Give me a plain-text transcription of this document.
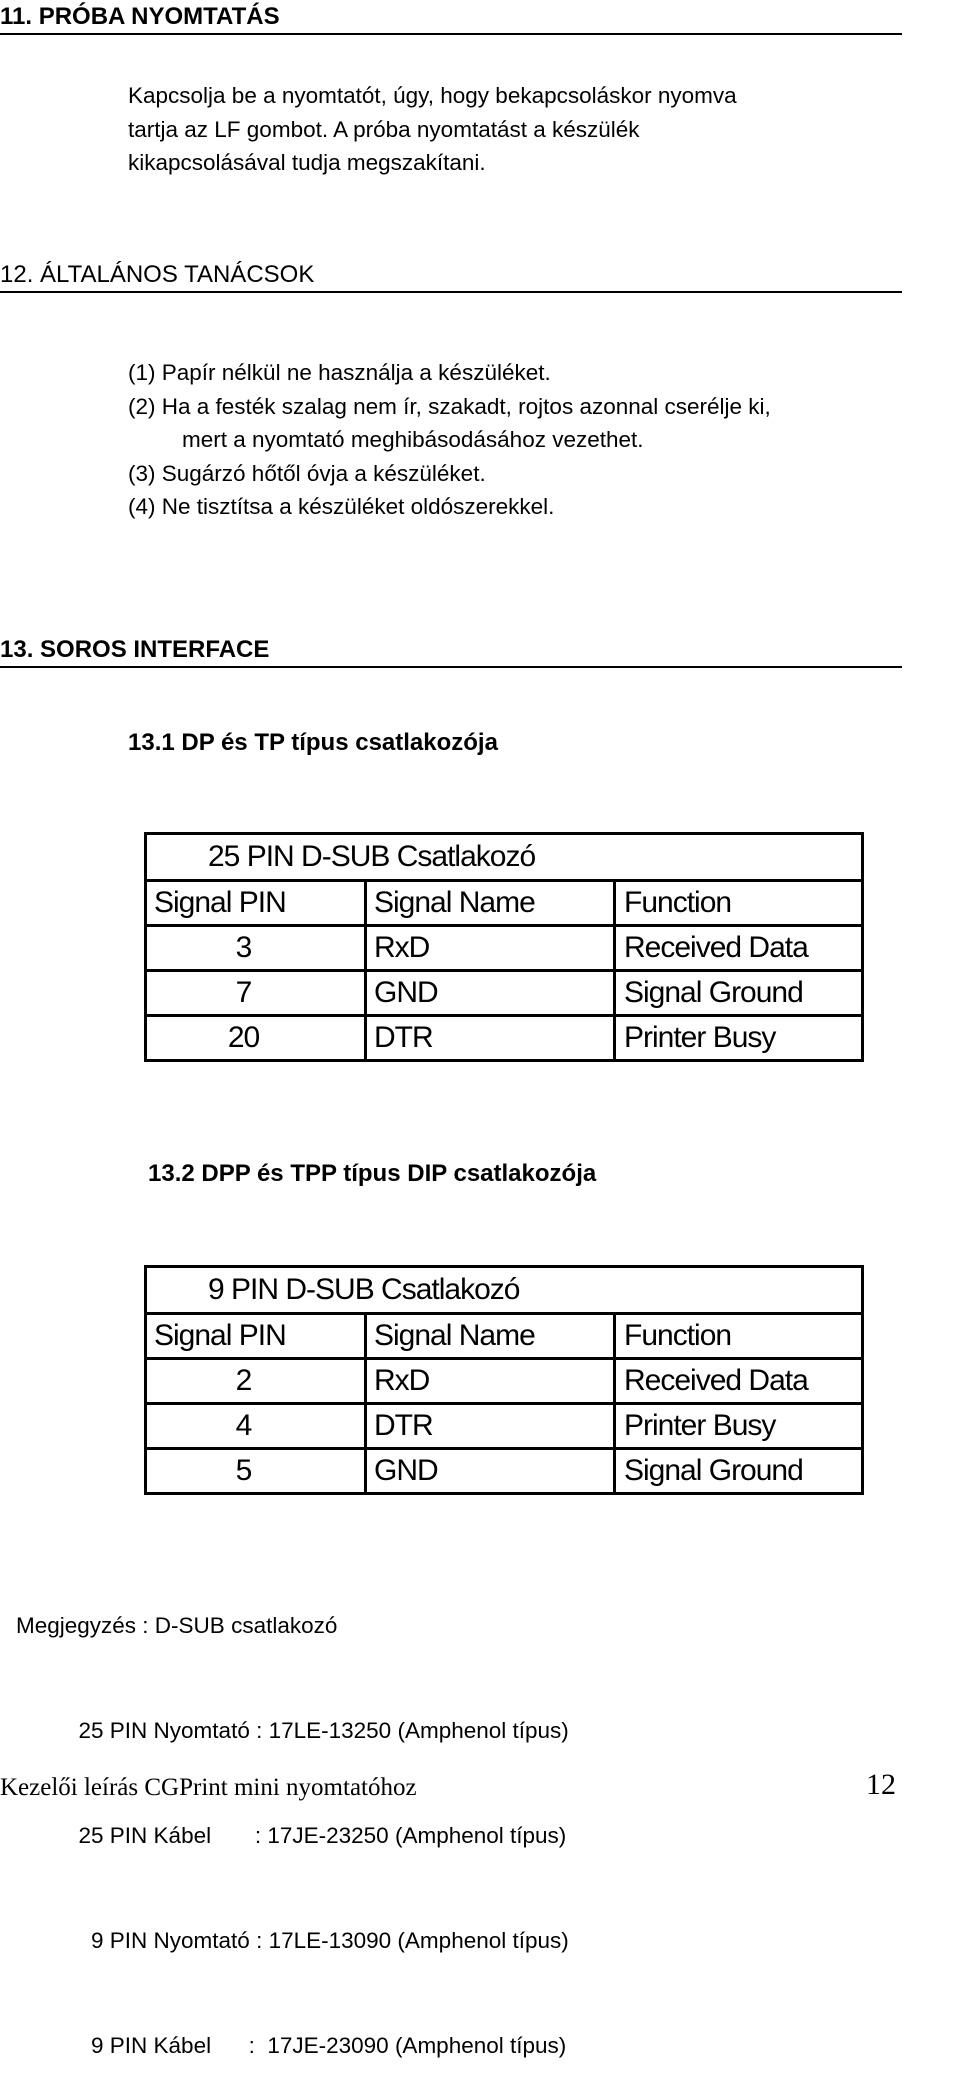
11. PRÓBA NYOMTATÁS
Kapcsolja be a nyomtatót, úgy, hogy bekapcsoláskor nyomva
tartja az LF gombot. A próba nyomtatást a készülék
kikapcsolásával tudja megszakítani.
12. ÁLTALÁNOS TANÁCSOK
(1) Papír nélkül ne használja a készüléket.
(2) Ha a festék szalag nem ír, szakadt, rojtos azonnal cserélje ki,
mert a nyomtató meghibásodásához vezethet.
(3) Sugárzó hőtől óvja a készüléket.
(4) Ne tisztítsa a készüléket oldószerekkel.
13. SOROS INTERFACE
13.1 DP és TP típus csatlakozója
25 PIN D-SUB Csatlakozó		
Signal PIN	Signal Name	Function
3	RxD	Received Data
7	GND	Signal Ground
20	DTR	Printer Busy
13.2 DPP és TPP típus DIP csatlakozója
9 PIN D-SUB Csatlakozó		
Signal PIN	Signal Name	Function
2	RxD	Received Data
4	DTR	Printer Busy
5	GND	Signal Ground

Megjegyzés : D-SUB csatlakozó

25 PIN Nyomtató : 17LE-13250 (Amphenol típus)

25 PIN Kábel       : 17JE-23250 (Amphenol típus)

9 PIN Nyomtató : 17LE-13090 (Amphenol típus)

9 PIN Kábel      :  17JE-23090 (Amphenol típus)

Kezelői leírás CGPrint mini nyomtatóhoz	12
